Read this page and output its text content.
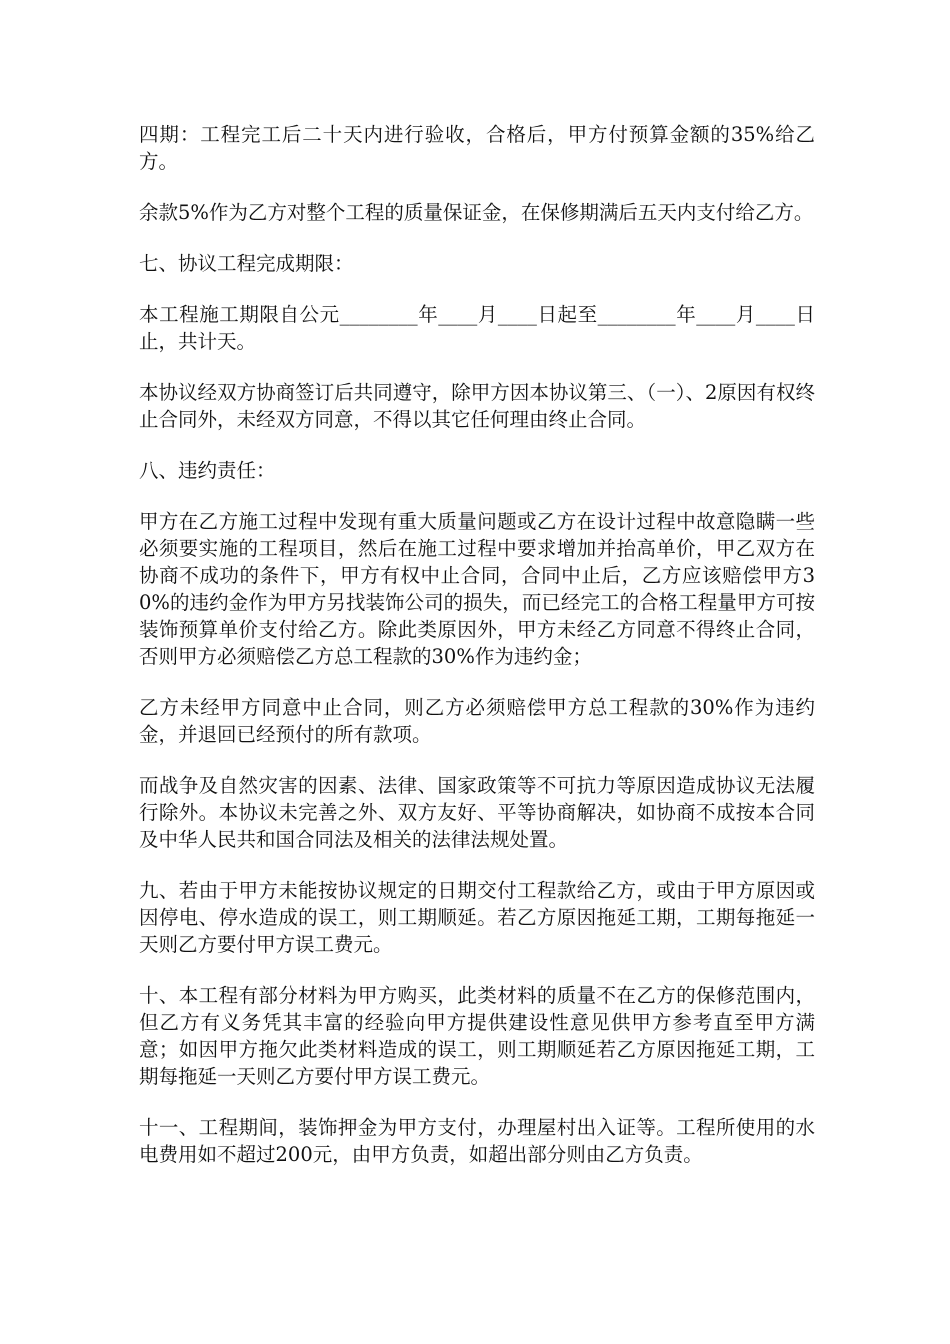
四期：工程完工后二十天内进行验收，合格后，甲方付预算金额的35%给乙方。

余款5%作为乙方对整个工程的质量保证金，在保修期满后五天内支付给乙方。

七、协议工程完成期限：

本工程施工期限自公元________年____月____日起至________年____月____日止，共计天。

本协议经双方协商签订后共同遵守，除甲方因本协议第三、（一）、2原因有权终止合同外，未经双方同意，不得以其它任何理由终止合同。

八、违约责任：

甲方在乙方施工过程中发现有重大质量问题或乙方在设计过程中故意隐瞒一些必须要实施的工程项目，然后在施工过程中要求增加并抬高单价，甲乙双方在协商不成功的条件下，甲方有权中止合同，合同中止后，乙方应该赔偿甲方30%的违约金作为甲方另找装饰公司的损失，而已经完工的合格工程量甲方可按装饰预算单价支付给乙方。除此类原因外，甲方未经乙方同意不得终止合同，否则甲方必须赔偿乙方总工程款的30%作为违约金；

乙方未经甲方同意中止合同，则乙方必须赔偿甲方总工程款的30%作为违约金，并退回已经预付的所有款项。

而战争及自然灾害的因素、法律、国家政策等不可抗力等原因造成协议无法履行除外。本协议未完善之外、双方友好、平等协商解决，如协商不成按本合同及中华人民共和国合同法及相关的法律法规处置。

九、若由于甲方未能按协议规定的日期交付工程款给乙方，或由于甲方原因或因停电、停水造成的误工，则工期顺延。若乙方原因拖延工期，工期每拖延一天则乙方要付甲方误工费元。

十、本工程有部分材料为甲方购买，此类材料的质量不在乙方的保修范围内，但乙方有义务凭其丰富的经验向甲方提供建设性意见供甲方参考直至甲方满意；如因甲方拖欠此类材料造成的误工，则工期顺延若乙方原因拖延工期，工期每拖延一天则乙方要付甲方误工费元。

十一、工程期间，装饰押金为甲方支付，办理屋村出入证等。工程所使用的水电费用如不超过200元，由甲方负责，如超出部分则由乙方负责。
